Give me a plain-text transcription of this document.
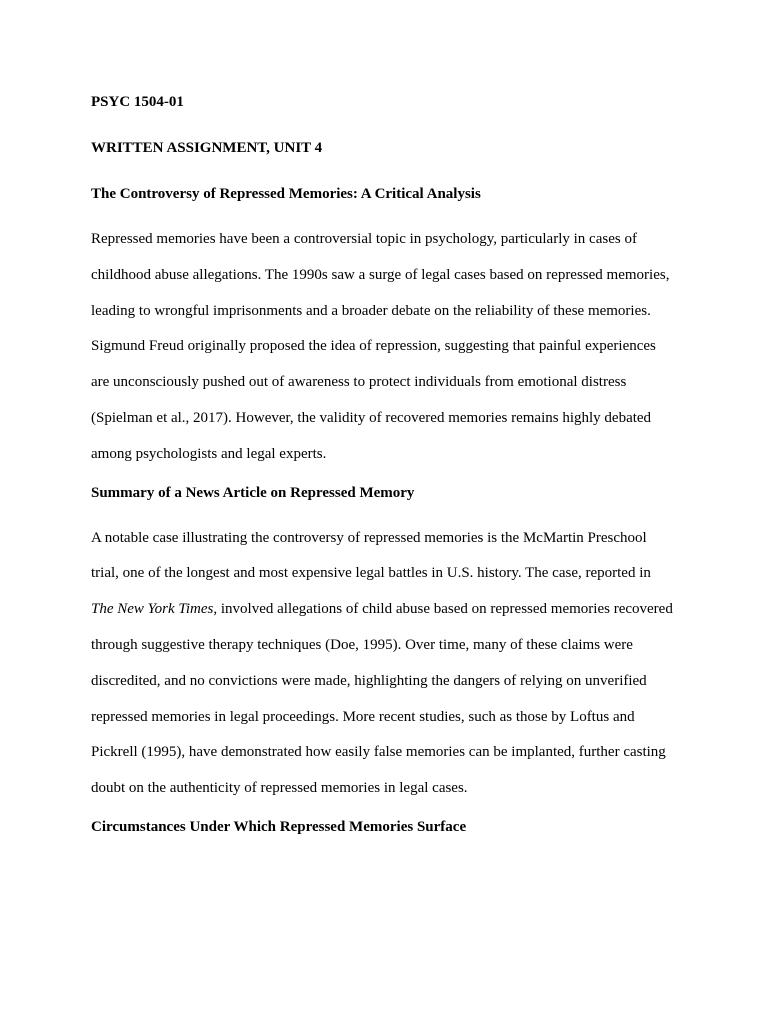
PSYC 1504-01
WRITTEN ASSIGNMENT, UNIT 4
The Controversy of Repressed Memories: A Critical Analysis
Repressed memories have been a controversial topic in psychology, particularly in cases of
childhood abuse allegations. The 1990s saw a surge of legal cases based on repressed memories,
leading to wrongful imprisonments and a broader debate on the reliability of these memories.
Sigmund Freud originally proposed the idea of repression, suggesting that painful experiences
are unconsciously pushed out of awareness to protect individuals from emotional distress
(Spielman et al., 2017). However, the validity of recovered memories remains highly debated
among psychologists and legal experts.
Summary of a News Article on Repressed Memory
A notable case illustrating the controversy of repressed memories is the McMartin Preschool
trial, one of the longest and most expensive legal battles in U.S. history. The case, reported in
The New York Times, involved allegations of child abuse based on repressed memories recovered
through suggestive therapy techniques (Doe, 1995). Over time, many of these claims were
discredited, and no convictions were made, highlighting the dangers of relying on unverified
repressed memories in legal proceedings. More recent studies, such as those by Loftus and
Pickrell (1995), have demonstrated how easily false memories can be implanted, further casting
doubt on the authenticity of repressed memories in legal cases.
Circumstances Under Which Repressed Memories Surface
